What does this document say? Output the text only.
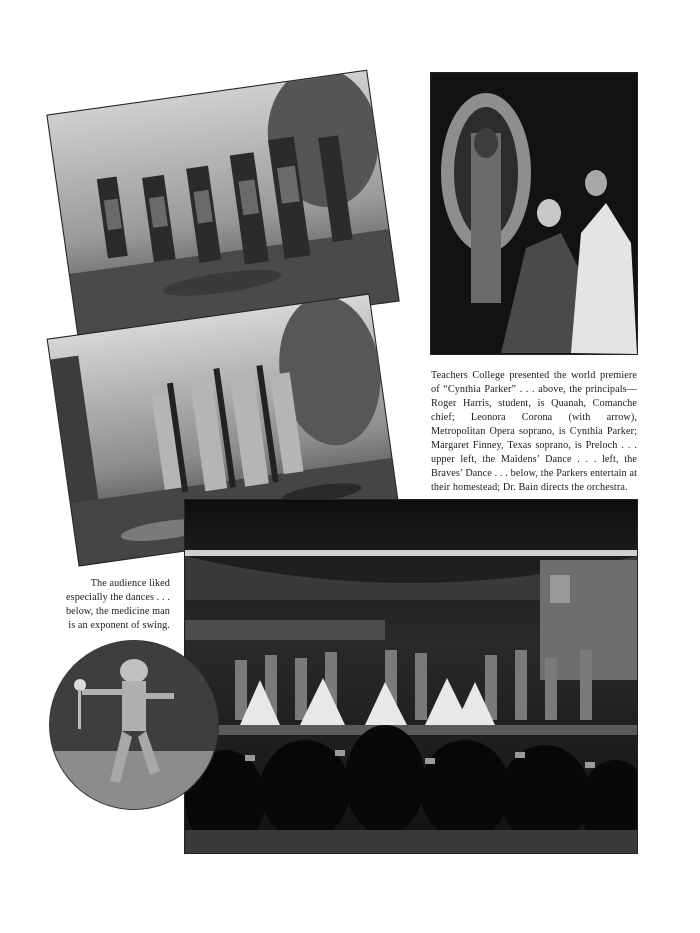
Teachers College presented the world premiere of “Cynthia Parker” . . . above, the principals—Roger Harris, student, is Quanah, Comanche chief; Leonora Corona (with arrow), Metropolitan Opera soprano, is Cynthia Parker; Margaret Finney, Texas soprano, is Preloch . . . upper left, the Maidens’ Dance . . . left, the Braves’ Dance . . . below, the Parkers entertain at their homestead; Dr. Bain directs the orchestra.

The audience liked especially the dances . . . below, the medicine man is an exponent of swing.
